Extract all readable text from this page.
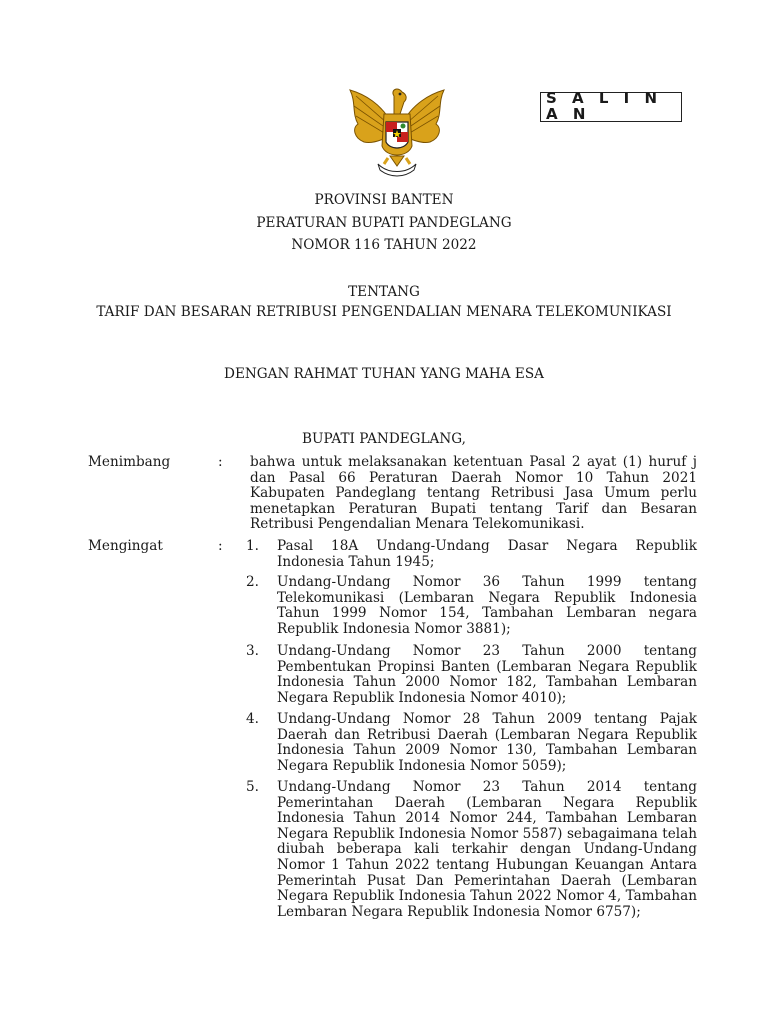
S A L I N A N
PROVINSI BANTEN
PERATURAN BUPATI PANDEGLANG
NOMOR 116 TAHUN 2022
TENTANG
TARIF DAN BESARAN RETRIBUSI PENGENDALIAN MENARA TELEKOMUNIKASI
DENGAN RAHMAT TUHAN YANG MAHA ESA
BUPATI PANDEGLANG,
Menimbang	: bahwa untuk melaksanakan ketentuan Pasal 2 ayat (1) huruf j dan Pasal 66 Peraturan Daerah Nomor 10 Tahun 2021 Kabupaten Pandeglang tentang Retribusi Jasa Umum perlu menetapkan Peraturan Bupati tentang Tarif dan Besaran Retribusi Pengendalian Menara Telekomunikasi.

Mengingat	: 1. Pasal 18A Undang-Undang Dasar Negara Republik Indonesia Tahun 1945;

2. Undang-Undang Nomor 36 Tahun 1999 tentang Telekomunikasi (Lembaran Negara Republik Indonesia Tahun 1999 Nomor 154, Tambahan Lembaran negara Republik Indonesia Nomor 3881);

3. Undang-Undang Nomor 23 Tahun 2000 tentang Pembentukan Propinsi Banten (Lembaran Negara Republik Indonesia Tahun 2000 Nomor 182, Tambahan Lembaran Negara Republik Indonesia Nomor 4010);

4. Undang-Undang Nomor 28 Tahun 2009 tentang Pajak Daerah dan Retribusi Daerah (Lembaran Negara Republik Indonesia Tahun 2009 Nomor 130, Tambahan Lembaran Negara Republik Indonesia Nomor 5059);

5. Undang-Undang Nomor 23 Tahun 2014 tentang Pemerintahan Daerah (Lembaran Negara Republik Indonesia Tahun 2014 Nomor 244, Tambahan Lembaran Negara Republik Indonesia Nomor 5587) sebagaimana telah diubah beberapa kali terkahir dengan Undang-Undang Nomor 1 Tahun 2022 tentang Hubungan Keuangan Antara Pemerintah Pusat Dan Pemerintahan Daerah (Lembaran Negara Republik Indonesia Tahun 2022 Nomor 4, Tambahan Lembaran Negara Republik Indonesia Nomor 6757);
